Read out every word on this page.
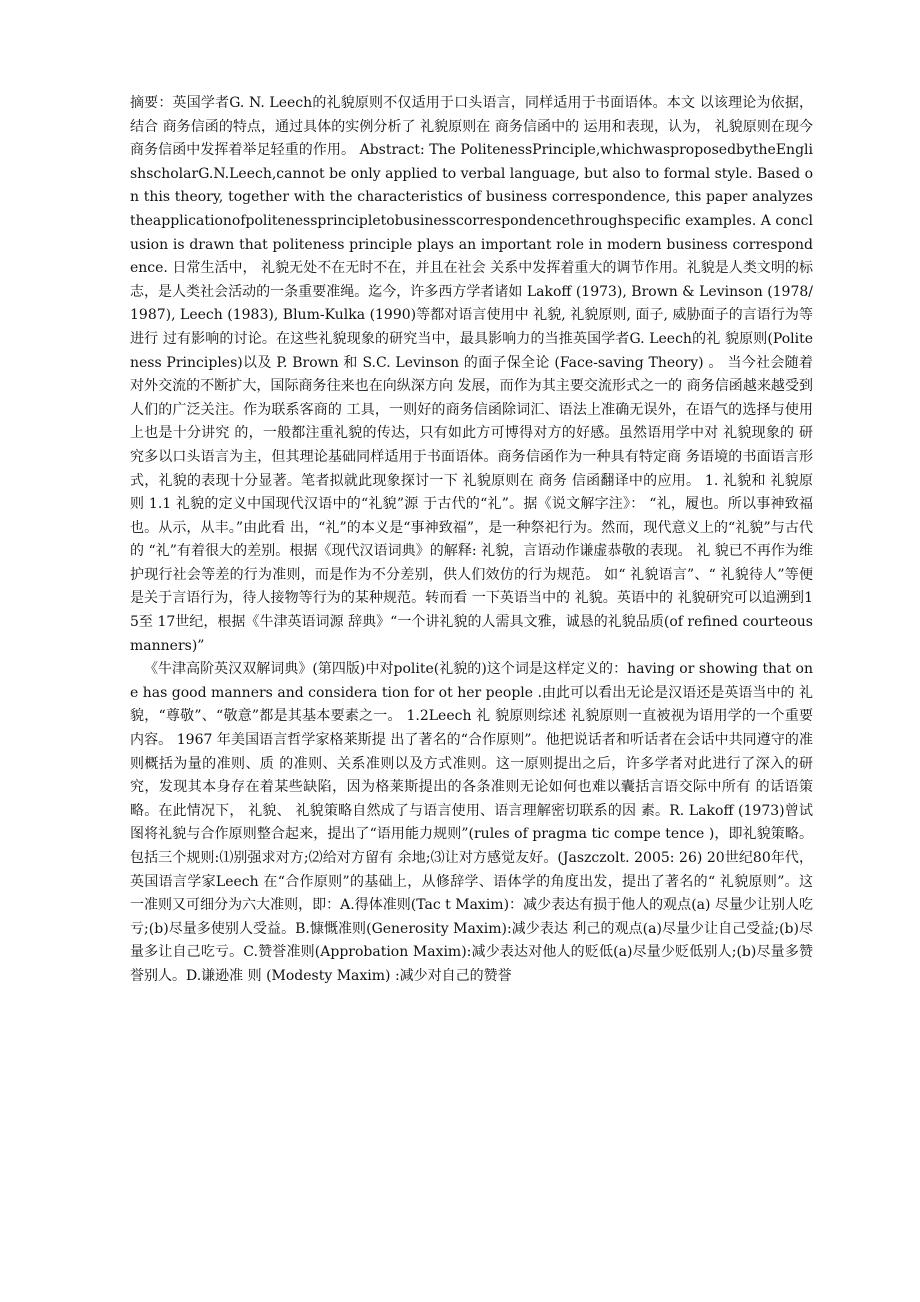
摘要：英国学者G. N. Leech的礼貌原则不仅适用于口头语言，同样适用于书面语体。本文 以该理论为依据，结合 商务信函的特点，通过具体的实例分析了 礼貌原则在 商务信函中的 运用和表现，认为， 礼貌原则在现今 商务信函中发挥着举足轻重的作用。 Abstract: The PolitenessPrinciple,whichwasproposedbytheEnglishscholarG.N.Leech,cannot be only applied to verbal language, but also to formal style. Based on this theory, together with the characteristics of business correspondence, this paper analyzes theapplicationofpolitenessprincipletobusinesscorrespondencethroughspecific examples. A conclusion is drawn that politeness principle plays an important role in modern business correspondence. 日常生活中， 礼貌无处不在无时不在，并且在社会 关系中发挥着重大的调节作用。礼貌是人类文明的标志，是人类社会活动的一条重要准绳。迄今，许多西方学者诸如 Lakoff (1973), Brown & Levinson (1978/ 1987), Leech (1983), Blum-Kulka (1990)等都对语言使用中 礼貌, 礼貌原则, 面子, 威胁面子的言语行为等进行 过有影响的讨论。在这些礼貌现象的研究当中，最具影响力的当推英国学者G. Leech的礼 貌原则(Politeness Principles)以及 P. Brown 和 S.C. Levinson 的面子保全论 (Face-saving Theory) 。 当今社会随着对外交流的不断扩大，国际商务往来也在向纵深方向 发展，而作为其主要交流形式之一的 商务信函越来越受到人们的广泛关注。作为联系客商的 工具，一则好的商务信函除词汇、语法上准确无误外，在语气的选择与使用上也是十分讲究 的，一般都注重礼貌的传达，只有如此方可博得对方的好感。虽然语用学中对 礼貌现象的 研究多以口头语言为主，但其理论基础同样适用于书面语体。商务信函作为一种具有特定商 务语境的书面语言形式，礼貌的表现十分显著。笔者拟就此现象探讨一下 礼貌原则在 商务 信函翻译中的应用。 1. 礼貌和 礼貌原则 1.1 礼貌的定义中国现代汉语中的“礼貌”源 于古代的“礼”。据《说文解字注》： “礼，履也。所以事神致福也。从示，从丰。”由此看 出，“礼”的本义是“事神致福”，是一种祭祀行为。然而，现代意义上的“礼貌”与古代的 “礼”有着很大的差别。根据《现代汉语词典》的解释: 礼貌，言语动作谦虚恭敬的表现。 礼 貌已不再作为维护现行社会等差的行为准则，而是作为不分差别，供人们效仿的行为规范。 如“ 礼貌语言”、“ 礼貌待人”等便是关于言语行为，待人接物等行为的某种规范。转而看 一下英语当中的 礼貌。英语中的 礼貌研究可以追溯到15至 17世纪，根据《牛津英语词源 辞典》“一个讲礼貌的人需具文雅，诚恳的礼貌品质(of refined courteous manners)”

《牛津高阶英汉双解词典》(第四版)中对polite(礼貌的)这个词是这样定义的：having or showing that one has good manners and considera tion for ot her people .由此可以看出无论是汉语还是英语当中的 礼貌，“尊敬”、“敬意”都是其基本要素之一。 1.2Leech 礼 貌原则综述 礼貌原则一直被视为语用学的一个重要内容。 1967 年美国语言哲学家格莱斯提 出了著名的“合作原则”。他把说话者和听话者在会话中共同遵守的准则概括为量的准则、质 的准则、关系准则以及方式准则。这一原则提出之后，许多学者对此进行了深入的研究，发现其本身存在着某些缺陷，因为格莱斯提出的各条准则无论如何也难以囊括言语交际中所有 的话语策略。在此情况下， 礼貌、 礼貌策略自然成了与语言使用、语言理解密切联系的因 素。R. Lakoff (1973)曾试图将礼貌与合作原则整合起来，提出了“语用能力规则”(rules of pragma tic compe tence )，即礼貌策略。包括三个规则:⑴别强求对方;⑵给对方留有 余地;⑶让对方感觉友好。(Jaszczolt. 2005: 26) 20世纪80年代，英国语言学家Leech 在“合作原则”的基础上，从修辞学、语体学的角度出发，提出了著名的“ 礼貌原则”。这 一准则又可细分为六大准则，即：A.得体准则(Tac t Maxim)：减少表达有损于他人的观点(a) 尽量少让别人吃亏;(b)尽量多使别人受益。B.慷慨准则(Generosity Maxim):减少表达 利己的观点(a)尽量少让自己受益;(b)尽量多让自己吃亏。C.赞誉准则(Approbation Maxim):减少表达对他人的贬低(a)尽量少贬低别人;(b)尽量多赞誉别人。D.谦逊准 则 (Modesty Maxim) :减少对自己的赞誉
